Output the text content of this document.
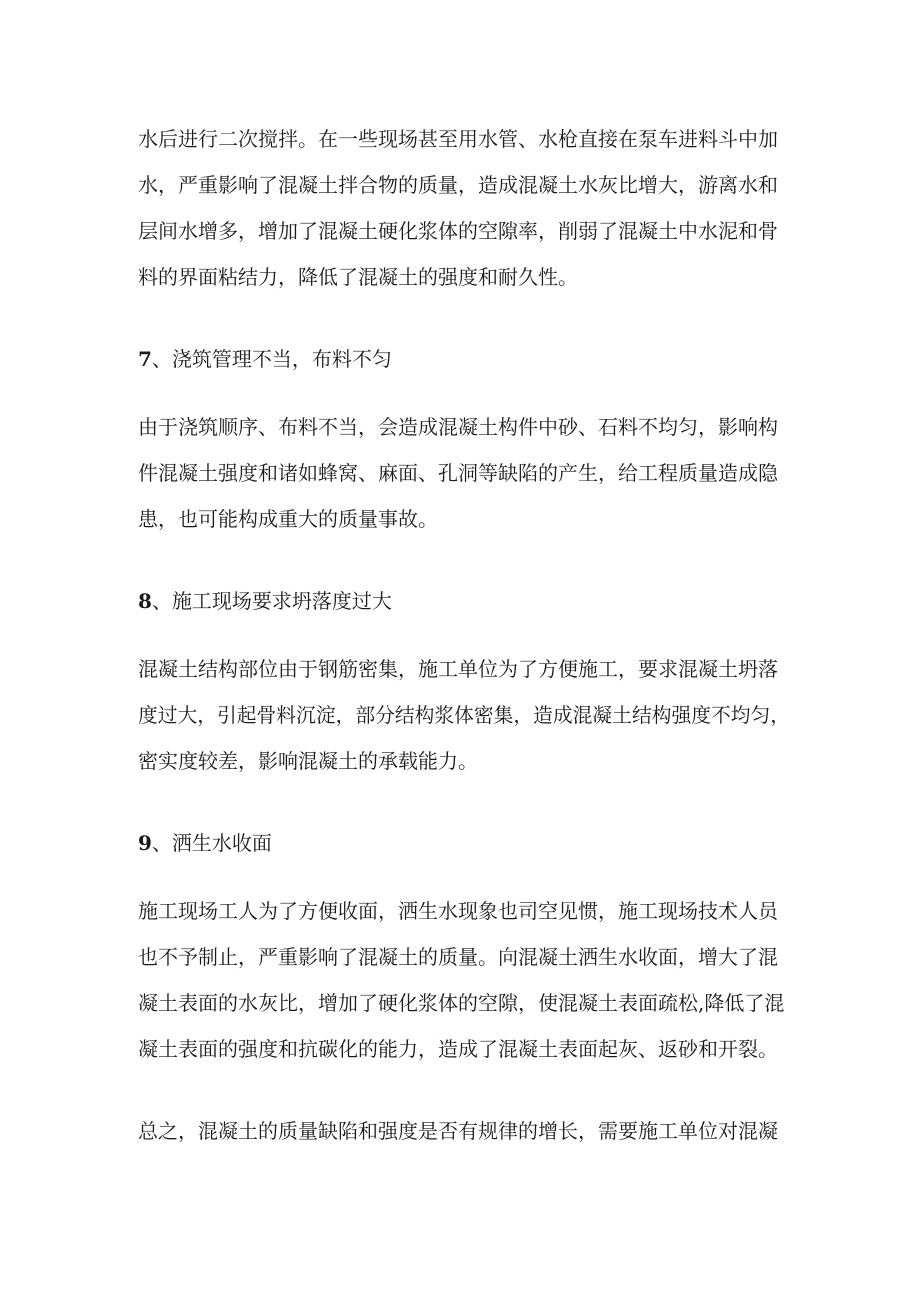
水后进行二次搅拌。在一些现场甚至用水管、水枪直接在泵车进料斗中加
水，严重影响了混凝土拌合物的质量，造成混凝土水灰比增大，游离水和
层间水增多，增加了混凝土硬化浆体的空隙率，削弱了混凝土中水泥和骨
料的界面粘结力，降低了混凝土的强度和耐久性。
7、浇筑管理不当，布料不匀
由于浇筑顺序、布料不当，会造成混凝土构件中砂、石料不均匀，影响构
件混凝土强度和诸如蜂窝、麻面、孔洞等缺陷的产生，给工程质量造成隐
患，也可能构成重大的质量事故。
8、施工现场要求坍落度过大
混凝土结构部位由于钢筋密集，施工单位为了方便施工，要求混凝土坍落
度过大，引起骨料沉淀，部分结构浆体密集，造成混凝土结构强度不均匀，
密实度较差，影响混凝土的承载能力。
9、洒生水收面
施工现场工人为了方便收面，洒生水现象也司空见惯，施工现场技术人员
也不予制止，严重影响了混凝土的质量。向混凝土洒生水收面，增大了混
凝土表面的水灰比，增加了硬化浆体的空隙，使混凝土表面疏松,降低了混
凝土表面的强度和抗碳化的能力，造成了混凝土表面起灰、返砂和开裂。
总之，混凝土的质量缺陷和强度是否有规律的增长，需要施工单位对混凝
